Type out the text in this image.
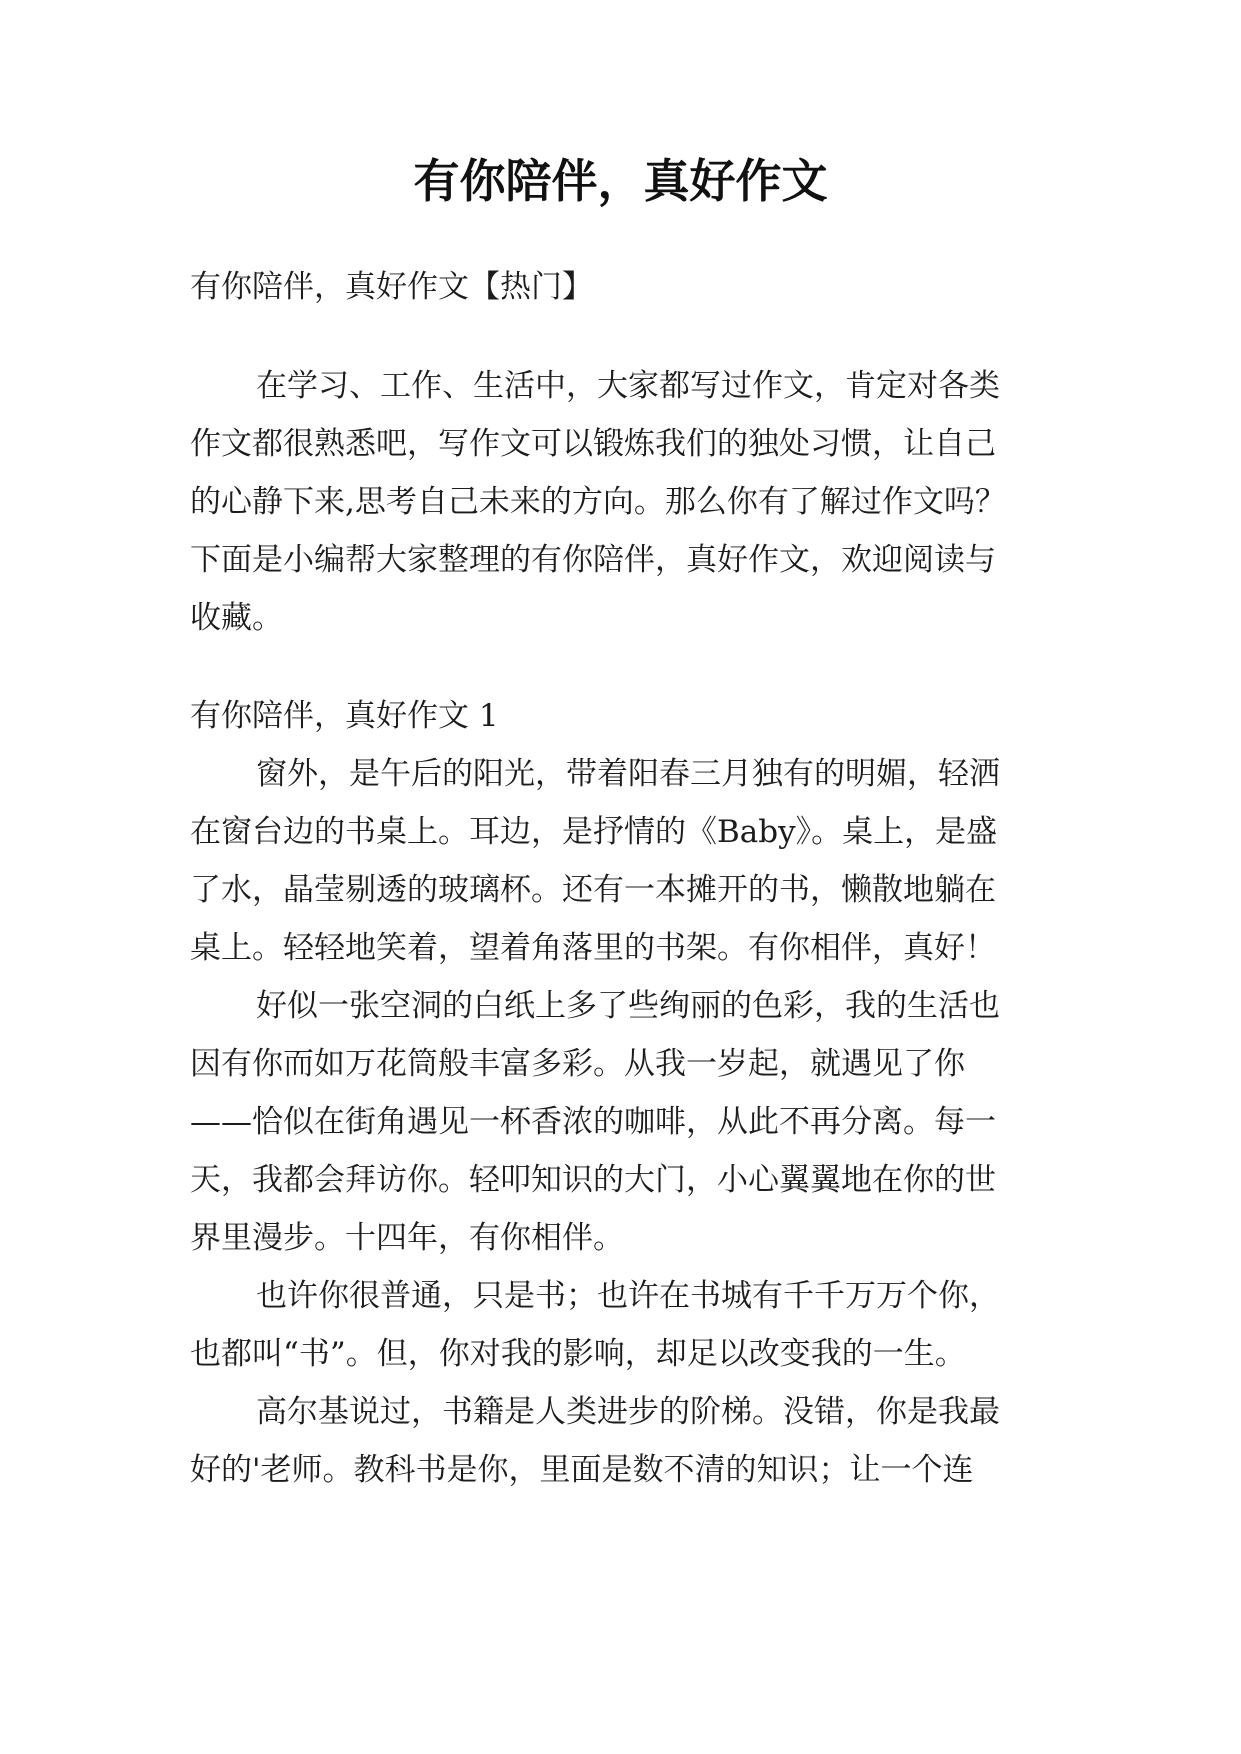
有你陪伴，真好作文
有你陪伴，真好作文【热门】
在学习、工作、生活中，大家都写过作文，肯定对各类
作文都很熟悉吧，写作文可以锻炼我们的独处习惯，让自己
的心静下来,思考自己未来的方向。那么你有了解过作文吗？
下面是小编帮大家整理的有你陪伴，真好作文，欢迎阅读与
收藏。
有你陪伴，真好作文 1
窗外，是午后的阳光，带着阳春三月独有的明媚，轻洒
在窗台边的书桌上。耳边，是抒情的《Baby》。桌上，是盛
了水，晶莹剔透的玻璃杯。还有一本摊开的书，懒散地躺在
桌上。轻轻地笑着，望着角落里的书架。有你相伴，真好！
好似一张空洞的白纸上多了些绚丽的色彩，我的生活也
因有你而如万花筒般丰富多彩。从我一岁起，就遇见了你
——恰似在街角遇见一杯香浓的咖啡，从此不再分离。每一
天，我都会拜访你。轻叩知识的大门，小心翼翼地在你的世
界里漫步。十四年，有你相伴。
也许你很普通，只是书；也许在书城有千千万万个你，
也都叫“书”。但，你对我的影响，却足以改变我的一生。
高尔基说过，书籍是人类进步的阶梯。没错，你是我最
好的'老师。教科书是你，里面是数不清的知识；让一个连
